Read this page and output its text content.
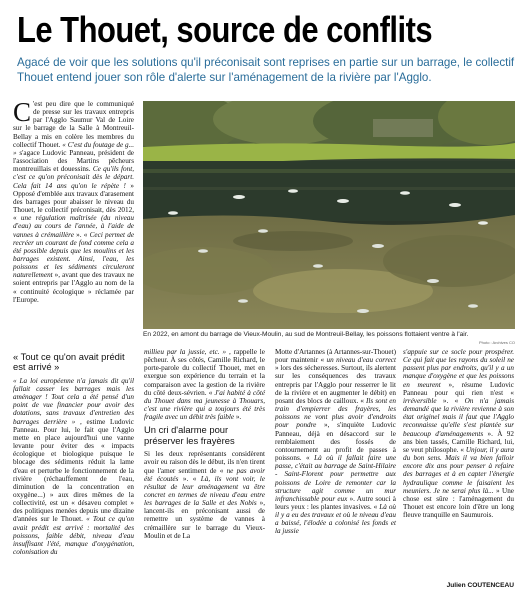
Le Thouet, source de conflits
Agacé de voir que les solutions qu'il préconisait sont reprises en partie sur un barrage, le collectif Thouet entend jouer son rôle d'alerte sur l'aménagement de la rivière par l'Agglo.

C 'est peu dire que le communiqué de presse sur les travaux entrepris par l'Agglo Saumur Val de Loire sur le barrage de la Salle à Montreuil-Bellay a mis en colère les membres du collectif Thouet. « C'est du foutage de g... » s'agace Ludovic Panneau, président de l'association des Martins pêcheurs montreuillais et douessins. Ce qu'ils font, c'est ce qu'on préconisait dès le départ. Cela fait 14 ans qu'on le répète ! » Opposé d'emblée aux travaux d'arasement des barrages pour abaisser le niveau du Thouet, le collectif préconisait, dès 2012, « une régulation maîtrisée (du niveau d'eau) au cours de l'année, à l'aide de vannes à crémaillère ». « Ceci permet de recréer un courant de fond comme cela a été possible depuis que les moulins et les barrages existent. Ainsi, l'eau, les poissons et les sédiments circuleront naturellement », avant que des travaux ne soient entrepris par l'Agglo au nom de la « continuité écologique » réclamée par l'Europe.

En 2022, en amont du barrage de Vieux-Moulin, au sud de Montreuil-Bellay, les poissons flottaient ventre à l'air.
Photo : Archives CO
« Tout ce qu'on avait prédit est arrivé »

« La loi européenne n'a jamais dit qu'il fallait casser les barrages mais les aménager ! Tout cela a été pensé d'un point de vue financier pour avoir des dotations, sans travaux d'entretien des barrages derrière » , estime Ludovic Panneau. Pour lui, le fait que l'Agglo mette en place aujourd'hui une vanne levante pour éviter des « impacts écologique et biologique puisque le blocage des sédiments réduit la lame d'eau et perturbe le fonctionnement de la rivière (réchauffement de l'eau, diminution de la concentration en oxygène...) » aux dires mêmes de la collectivité, est un « désaveu complet » des politiques menées depuis une dizaine d'années sur le Thouet. « Tout ce qu'on avait prédit est arrivé : mortalité des poissons, faible débit, niveau d'eau insuffisant l'été, manque d'oxygénation, colonisation du

millieu par la jussie, etc. » , rappelle le pêcheur. À ses côtés, Camille Richard, le porte-parole du collectif Thouet, met en exergue son expérience du terrain et la comparaison avec la gestion de la rivière du côté deux-sévrien. « J'ai habité à côté du Thouet dans ma jeunesse à Thouars, c'est une rivière qui a toujours été très fragile avec un débit très faible ».

Un cri d'alarme pour préserver les frayères

Si les deux représentants considèrent avoir eu raison dès le début, ils n'en tirent que l'amer sentiment de « ne pas avoir été écoutés ». « Là, ils vont voir, le résultat de leur aménagement va être concret en termes de niveau d'eau entre les barrages de la Salle et des Nobis », lancent-ils en préconisant aussi de remettre un système de vannes à crémaillère sur le barrage du Vieux-Moulin et de La

Motte d'Artannes (à Artannes-sur-Thouet) pour maintenir « un niveau d'eau correct » lors des sécheresses. Surtout, ils alertent sur les conséquences des travaux entrepris par l'Agglo pour resserrer le lit de la rivière et en augmenter le débit) en posant des blocs de cailloux. « Ils sont en train d'empierrer des frayères, les poissons ne vont plus avoir d'endroits pour pondre », s'inquiète Ludovic Panneau, déjà en désaccord sur le remblaiement des fossés de contournement au profit de passes à poissons. « Là où il fallait faire une passe, c'était au barrage de Saint-Hilaire - Saint-Florent pour permettre aux poissons de Loire de remonter car la structure agit comme un mur infranchissable pour eux ». Autre souci à leurs yeux : les plantes invasives. « Là où il y a eu des travaux et où le niveau d'eau a baissé, l'élodée a colonisé les fonds et la jussie

s'appuie sur ce socle pour prospérer. Ce qui fait que les rayons du soleil ne passent plus par endroits, qu'il y a un manque d'oxygène et que les poissons en meurent », résume Ludovic Panneau pour qui rien n'est « irréversible ». « On n'a jamais demandé que la rivière revienne à son état originel mais il faut que l'Agglo reconnaisse qu'elle s'est plantée sur beaucoup d'aménagements ». À 92 ans bien tassés, Camille Richard, lui, se veut philosophe. « Unjour, il y aura du bon sens. Mais il va bien falloir encore dix ans pour penser à refaire des barrages et à en capter l'énergie hydraulique comme le faisaient les meuniers. Je ne serai plus là... » Une chose est sûre : l'aménagement du Thouet est encore loin d'être un long fleuve tranquille en Saumurois.

Julien COUTENCEAU
